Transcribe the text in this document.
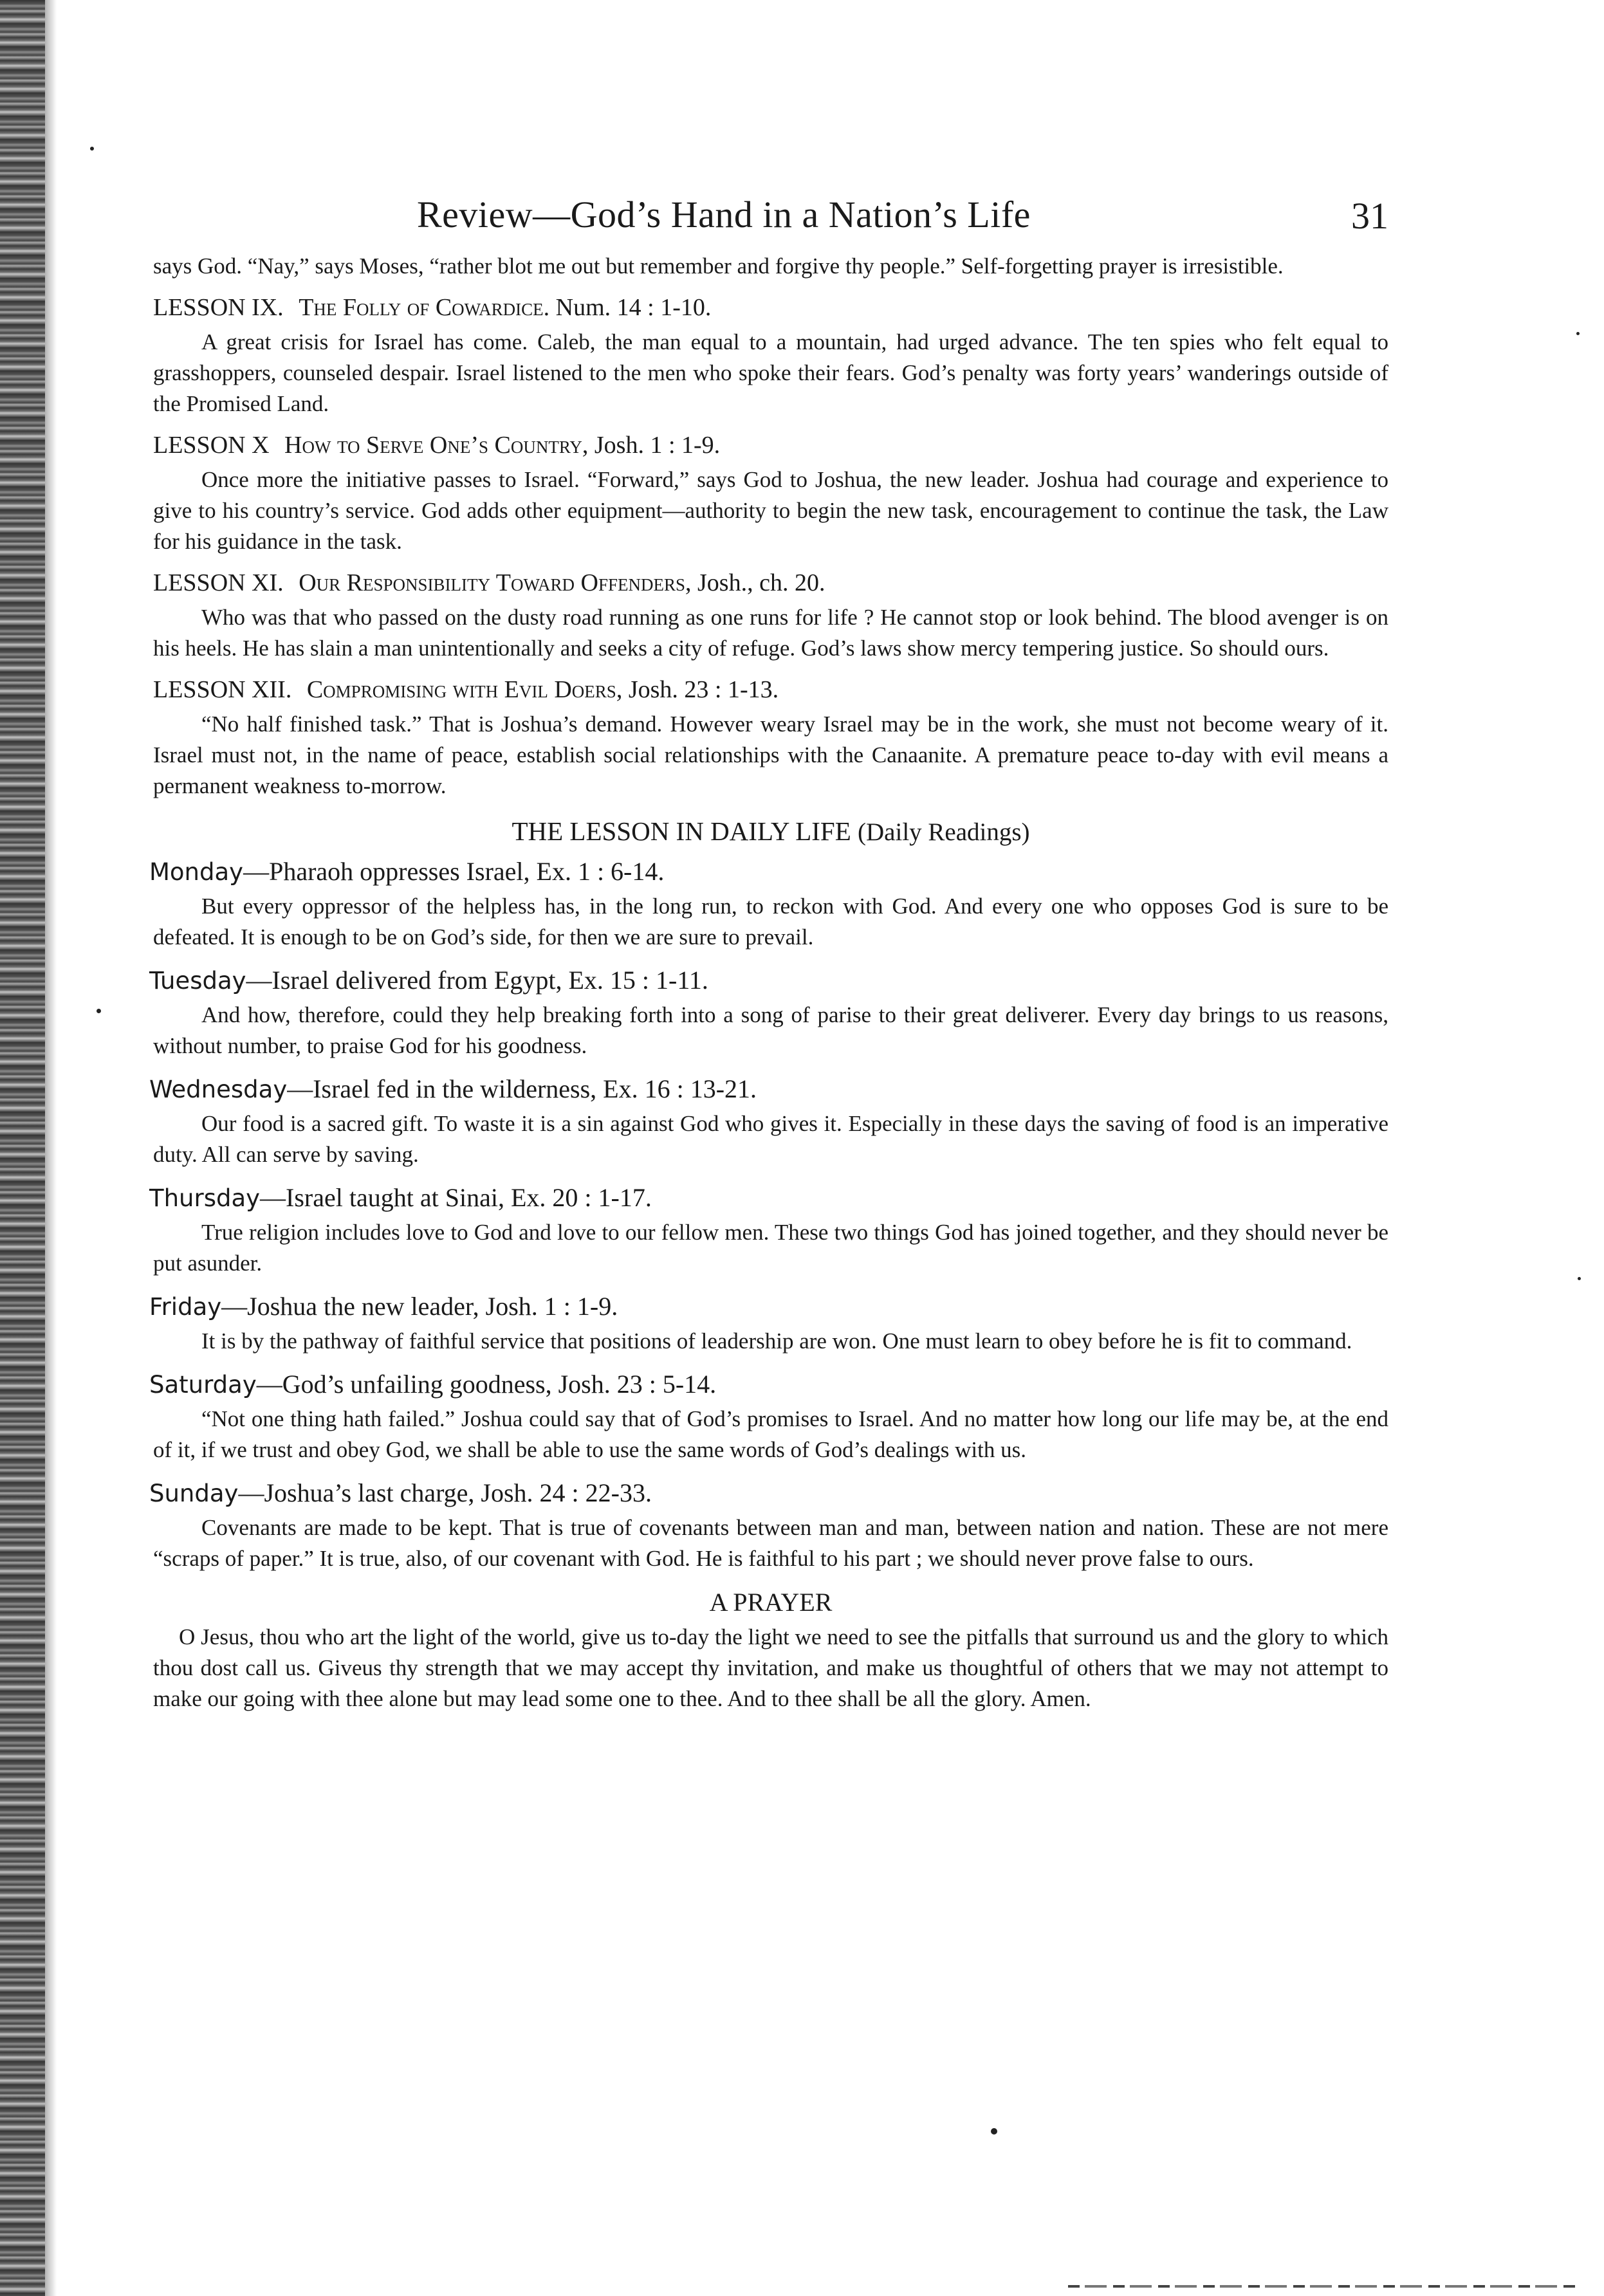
Review—God’s Hand in a Nation’s Life	31

says God. “Nay,” says Moses, “rather blot me out but remember and forgive thy people.” Self-forgetting prayer is irresistible.

LESSON IX. The Folly of Cowardice. Num. 14 : 1-10.

A great crisis for Israel has come. Caleb, the man equal to a mountain, had urged advance. The ten spies who felt equal to grasshoppers, counseled despair. Israel listened to the men who spoke their fears. God’s penalty was forty years’ wanderings outside of the Promised Land.

LESSON X How to Serve One’s Country, Josh. 1 : 1-9.

Once more the initiative passes to Israel. “Forward,” says God to Joshua, the new leader. Joshua had courage and experience to give to his country’s service. God adds other equipment—authority to begin the new task, encouragement to continue the task, the Law for his guidance in the task.

LESSON XI. Our Responsibility Toward Offenders, Josh., ch. 20.

Who was that who passed on the dusty road running as one runs for life ? He cannot stop or look behind. The blood avenger is on his heels. He has slain a man unintentionally and seeks a city of refuge. God’s laws show mercy tempering justice. So should ours.

LESSON XII. Compromising with Evil Doers, Josh. 23 : 1-13.

“No half finished task.” That is Joshua’s demand. However weary Israel may be in the work, she must not become weary of it. Israel must not, in the name of peace, establish social relationships with the Canaanite. A premature peace to-day with evil means a permanent weakness to-morrow.

THE LESSON IN DAILY LIFE (Daily Readings)
Monday—Pharaoh oppresses Israel, Ex. 1 : 6-14.

But every oppressor of the helpless has, in the long run, to reckon with God. And every one who opposes God is sure to be defeated. It is enough to be on God’s side, for then we are sure to prevail.

Tuesday—Israel delivered from Egypt, Ex. 15 : 1-11.

And how, therefore, could they help breaking forth into a song of parise to their great deliverer. Every day brings to us reasons, without number, to praise God for his goodness.

Wednesday—Israel fed in the wilderness, Ex. 16 : 13-21.

Our food is a sacred gift. To waste it is a sin against God who gives it. Especially in these days the saving of food is an imperative duty. All can serve by saving.

Thursday—Israel taught at Sinai, Ex. 20 : 1-17.

True religion includes love to God and love to our fellow men. These two things God has joined together, and they should never be put asunder.

Friday—Joshua the new leader, Josh. 1 : 1-9.

It is by the pathway of faithful service that positions of leadership are won. One must learn to obey before he is fit to command.

Saturday—God’s unfailing goodness, Josh. 23 : 5-14.

“Not one thing hath failed.” Joshua could say that of God’s promises to Israel. And no matter how long our life may be, at the end of it, if we trust and obey God, we shall be able to use the same words of God’s dealings with us.

Sunday—Joshua’s last charge, Josh. 24 : 22-33.

Covenants are made to be kept. That is true of covenants between man and man, between nation and nation. These are not mere “scraps of paper.” It is true, also, of our covenant with God. He is faithful to his part ; we should never prove false to ours.

A PRAYER

O Jesus, thou who art the light of the world, give us to-day the light we need to see the pitfalls that surround us and the glory to which thou dost call us. Giveus thy strength that we may accept thy invitation, and make us thoughtful of others that we may not attempt to make our going with thee alone but may lead some one to thee. And to thee shall be all the glory. Amen.
